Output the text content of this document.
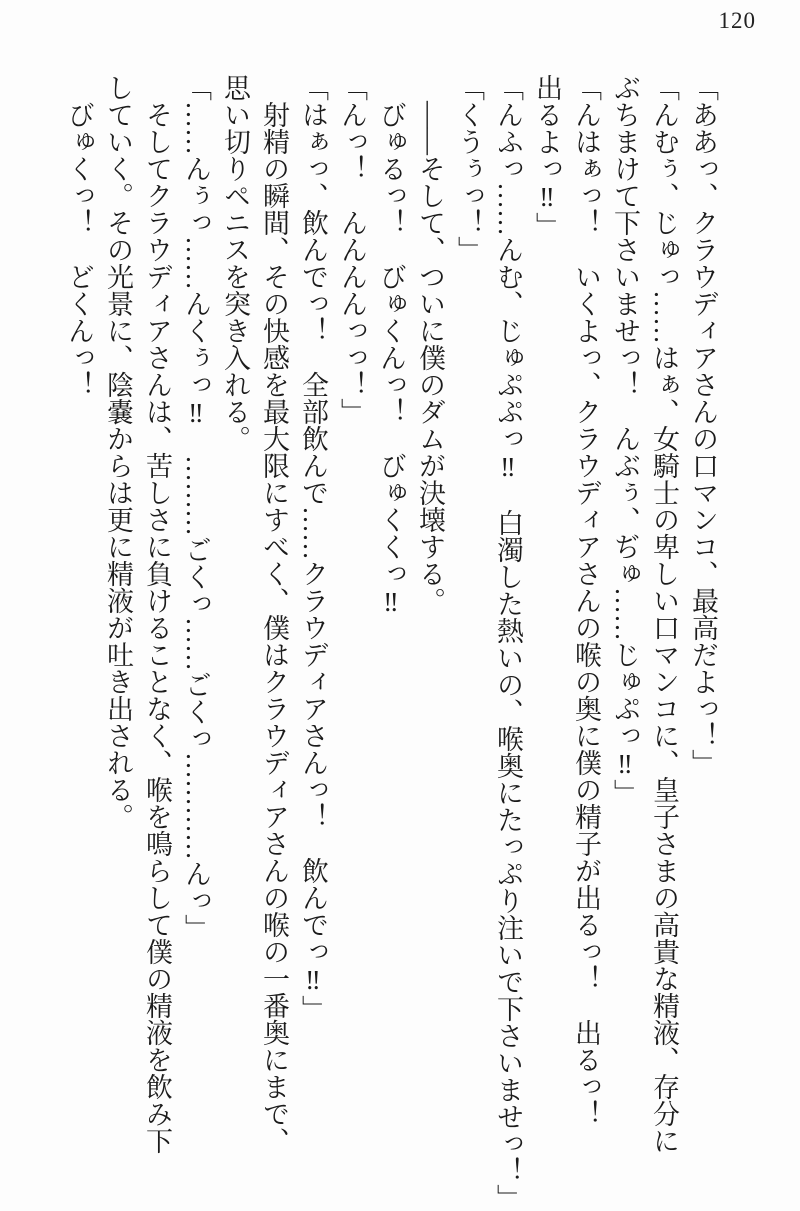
120

「ああっ、クラウディアさんの口マンコ、最高だよっ！」

「んむぅ、じゅっ……はぁ、女騎士の卑しい口マンコに、皇子さまの高貴な精液、存分に

ぶちまけて下さいませっ！　んぶぅ、ぢゅ……じゅぷっ‼」

「んはぁっ！　いくよっ、クラウディアさんの喉の奥に僕の精子が出るっ！　出るっ！

出るよっ‼」

「んふっ……んむ、じゅぷぷっ‼　白濁した熱いの、喉奥にたっぷり注いで下さいませっ！」

「くうぅっ！」

――そして、ついに僕のダムが決壊する。

びゅるっ！　びゅくんっ！　びゅくくっ‼

「んっ！　んんんんっっ！」

「はぁっ、飲んでっ！　全部飲んで……クラウディアさんっ！　飲んでっ‼」

射精の瞬間、その快感を最大限にすべく、僕はクラウディアさんの喉の一番奥にまで、

思い切りペニスを突き入れる。

「……んぅっ……んくぅっ‼　………ごくっ……ごくっ…………んっ」

そしてクラウディアさんは、苦しさに負けることなく、喉を鳴らして僕の精液を飲み下

していく。その光景に、陰嚢からは更に精液が吐き出される。

びゅくっ！　どくんっ！
